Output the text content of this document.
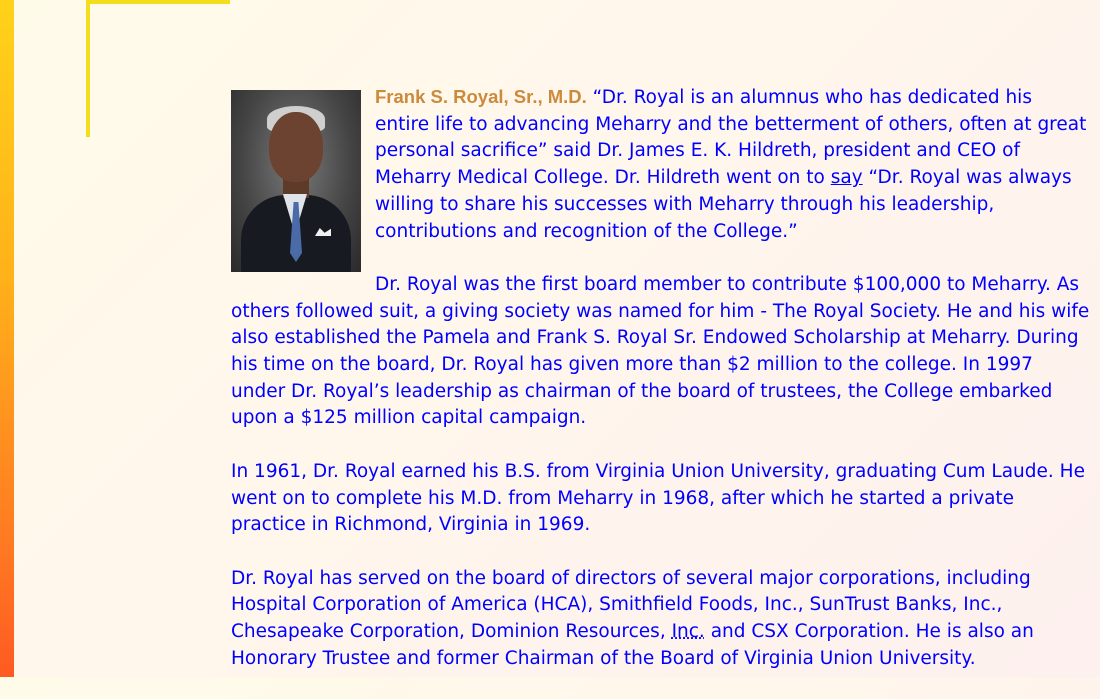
Frank S. Royal, Sr., M.D. “Dr. Royal is an alumnus who has dedicated his entire life to advancing Meharry and the betterment of others, often at great personal sacrifice” said Dr. James E. K. Hildreth, president and CEO of Meharry Medical College. Dr. Hildreth went on to say “Dr. Royal was always willing to share his successes with Meharry through his leadership, contributions and recognition of the College.”

Dr. Royal was the first board member to contribute $100,000 to Meharry. As others followed suit, a giving society was named for him - The Royal Society. He and his wife also established the Pamela and Frank S. Royal Sr. Endowed Scholarship at Meharry. During his time on the board, Dr. Royal has given more than $2 million to the college. In 1997 under Dr. Royal’s leadership as chairman of the board of trustees, the College embarked upon a $125 million capital campaign.

In 1961, Dr. Royal earned his B.S. from Virginia Union University, graduating Cum Laude. He went on to complete his M.D. from Meharry in 1968, after which he started a private practice in Richmond, Virginia in 1969.

Dr. Royal has served on the board of directors of several major corporations, including Hospital Corporation of America (HCA), Smithfield Foods, Inc., SunTrust Banks, Inc., Chesapeake Corporation, Dominion Resources, Inc. and CSX Corporation. He is also an Honorary Trustee and former Chairman of the Board of Virginia Union University.
